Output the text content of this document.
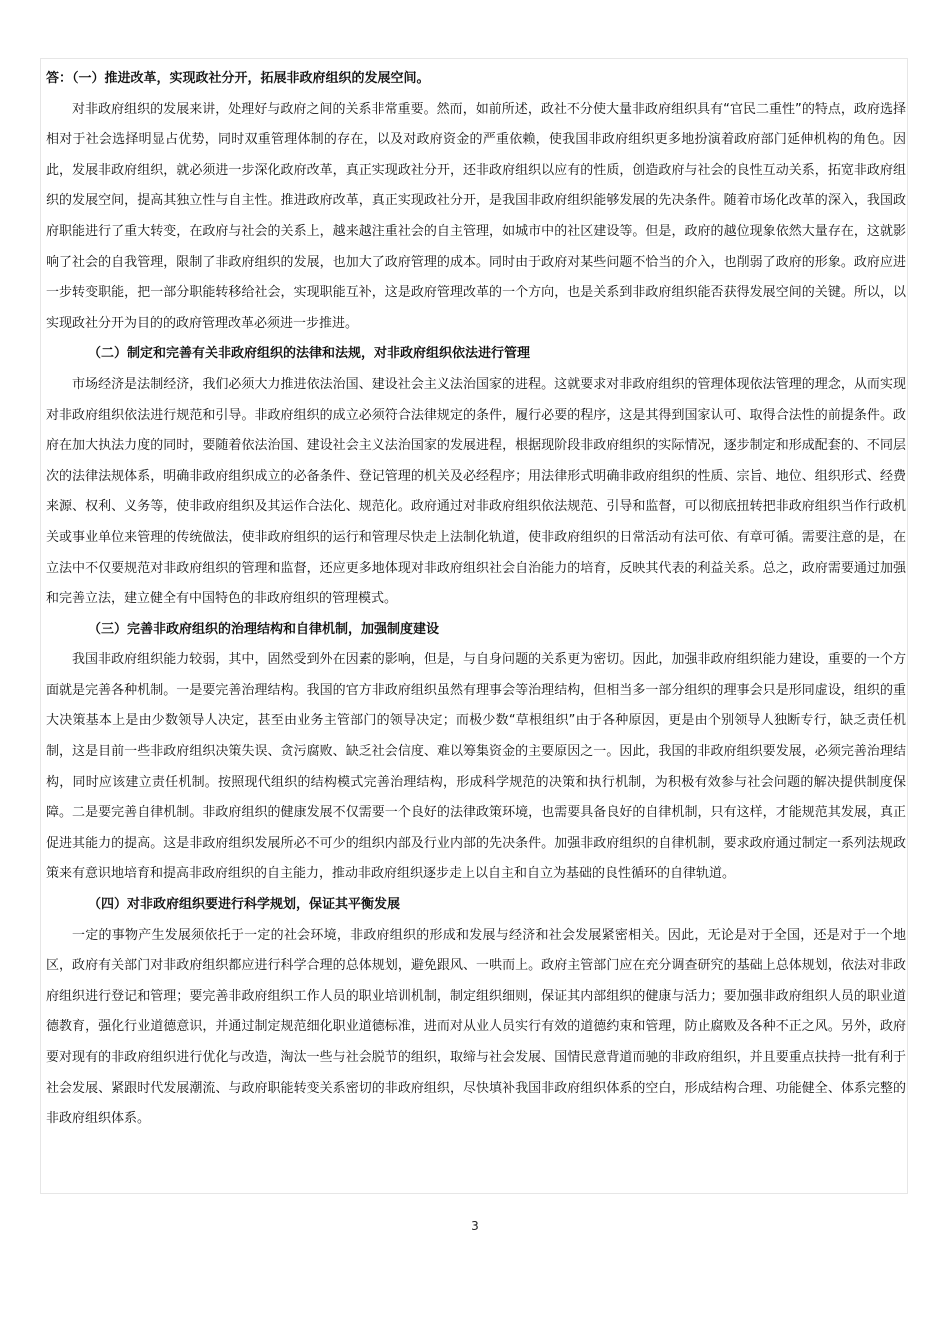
答：（一）推进改革，实现政社分开，拓展非政府组织的发展空间。

对非政府组织的发展来讲，处理好与政府之间的关系非常重要。然而，如前所述，政社不分使大量非政府组织具有“官民二重性”的特点，政府选择相对于社会选择明显占优势，同时双重管理体制的存在，以及对政府资金的严重依赖，使我国非政府组织更多地扮演着政府部门延伸机构的角色。因此，发展非政府组织，就必须进一步深化政府改革，真正实现政社分开，还非政府组织以应有的性质，创造政府与社会的良性互动关系，拓宽非政府组织的发展空间，提高其独立性与自主性。推进政府改革，真正实现政社分开，是我国非政府组织能够发展的先决条件。随着市场化改革的深入，我国政府职能进行了重大转变，在政府与社会的关系上，越来越注重社会的自主管理，如城市中的社区建设等。但是，政府的越位现象依然大量存在，这就影响了社会的自我管理，限制了非政府组织的发展，也加大了政府管理的成本。同时由于政府对某些问题不恰当的介入，也削弱了政府的形象。政府应进一步转变职能，把一部分职能转移给社会，实现职能互补，这是政府管理改革的一个方向，也是关系到非政府组织能否获得发展空间的关键。所以，以实现政社分开为目的的政府管理改革必须进一步推进。

（二）制定和完善有关非政府组织的法律和法规，对非政府组织依法进行管理

市场经济是法制经济，我们必须大力推进依法治国、建设社会主义法治国家的进程。这就要求对非政府组织的管理体现依法管理的理念，从而实现对非政府组织依法进行规范和引导。非政府组织的成立必须符合法律规定的条件，履行必要的程序，这是其得到国家认可、取得合法性的前提条件。政府在加大执法力度的同时，要随着依法治国、建设社会主义法治国家的发展进程，根据现阶段非政府组织的实际情况，逐步制定和形成配套的、不同层次的法律法规体系，明确非政府组织成立的必备条件、登记管理的机关及必经程序；用法律形式明确非政府组织的性质、宗旨、地位、组织形式、经费来源、权利、义务等，使非政府组织及其运作合法化、规范化。政府通过对非政府组织依法规范、引导和监督，可以彻底扭转把非政府组织当作行政机关或事业单位来管理的传统做法，使非政府组织的运行和管理尽快走上法制化轨道，使非政府组织的日常活动有法可依、有章可循。需要注意的是，在立法中不仅要规范对非政府组织的管理和监督，还应更多地体现对非政府组织社会自治能力的培育，反映其代表的利益关系。总之，政府需要通过加强和完善立法，建立健全有中国特色的非政府组织的管理模式。

（三）完善非政府组织的治理结构和自律机制，加强制度建设

我国非政府组织能力较弱，其中，固然受到外在因素的影响，但是，与自身问题的关系更为密切。因此，加强非政府组织能力建设，重要的一个方面就是完善各种机制。一是要完善治理结构。我国的官方非政府组织虽然有理事会等治理结构，但相当多一部分组织的理事会只是形同虚设，组织的重大决策基本上是由少数领导人决定，甚至由业务主管部门的领导决定；而极少数“草根组织”由于各种原因，更是由个别领导人独断专行，缺乏责任机制，这是目前一些非政府组织决策失误、贪污腐败、缺乏社会信度、难以筹集资金的主要原因之一。因此，我国的非政府组织要发展，必须完善治理结构，同时应该建立责任机制。按照现代组织的结构模式完善治理结构，形成科学规范的决策和执行机制，为积极有效参与社会问题的解决提供制度保障。二是要完善自律机制。非政府组织的健康发展不仅需要一个良好的法律政策环境，也需要具备良好的自律机制，只有这样，才能规范其发展，真正促进其能力的提高。这是非政府组织发展所必不可少的组织内部及行业内部的先决条件。加强非政府组织的自律机制，要求政府通过制定一系列法规政策来有意识地培育和提高非政府组织的自主能力，推动非政府组织逐步走上以自主和自立为基础的良性循环的自律轨道。

（四）对非政府组织要进行科学规划，保证其平衡发展

一定的事物产生发展须依托于一定的社会环境，非政府组织的形成和发展与经济和社会发展紧密相关。因此，无论是对于全国，还是对于一个地区，政府有关部门对非政府组织都应进行科学合理的总体规划，避免跟风、一哄而上。政府主管部门应在充分调查研究的基础上总体规划，依法对非政府组织进行登记和管理；要完善非政府组织工作人员的职业培训机制，制定组织细则，保证其内部组织的健康与活力；要加强非政府组织人员的职业道德教育，强化行业道德意识，并通过制定规范细化职业道德标准，进而对从业人员实行有效的道德约束和管理，防止腐败及各种不正之风。另外，政府要对现有的非政府组织进行优化与改造，淘汰一些与社会脱节的组织，取缔与社会发展、国情民意背道而驰的非政府组织，并且要重点扶持一批有利于社会发展、紧跟时代发展潮流、与政府职能转变关系密切的非政府组织，尽快填补我国非政府组织体系的空白，形成结构合理、功能健全、体系完整的非政府组织体系。

3
